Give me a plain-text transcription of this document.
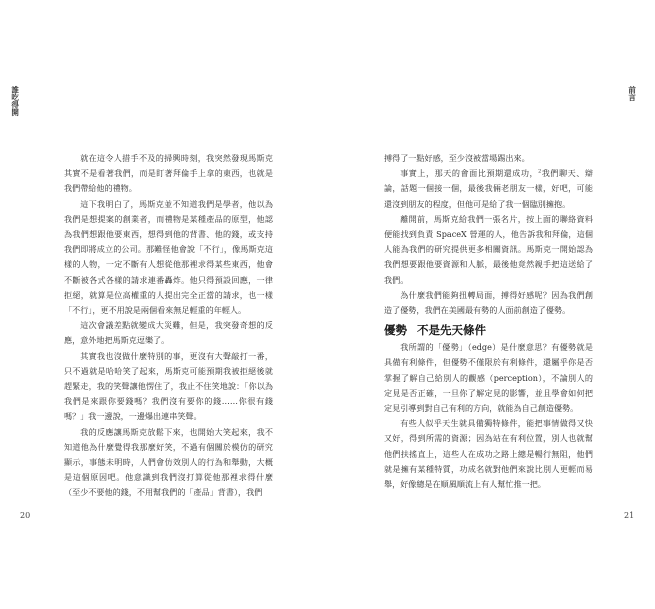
誰吃得開	前言

就在這令人措手不及的掃興時刻，我突然發現馬斯克其實不是看著我們，而是盯著拜倫手上拿的東西，也就是我們帶給他的禮物。

這下我明白了，馬斯克並不知道我們是學者，他以為我們是想提案的創業者，而禮物是某種產品的原型，他認為我們想跟他要東西，想得到他的背書、他的錢，或支持我們即將成立的公司。那難怪他會說「不行」，像馬斯克這樣的人物，一定不斷有人想從他那裡求得某些東西，他會不斷被各式各樣的請求連番轟炸。他只得預設回應，一律拒絕，就算是位高權重的人提出完全正當的請求，也一樣「不行」，更不用說是兩個看來無足輕重的年輕人。

這次會議差點就變成大災難，但是，我突發奇想的反應，意外地把馬斯克逗樂了。

其實我也沒做什麼特別的事，更沒有大聲敲打一番，只不過就是哈哈笑了起來，馬斯克可能預期我被拒絕後就趕緊走，我的笑聲讓他愣住了，我止不住笑地說：「你以為我們是來跟你要錢嗎？我們沒有要你的錢……你很有錢嗎？」我一邊說，一邊爆出連串笑聲。

我的反應讓馬斯克放鬆下來，也開始大笑起來，我不知道他為什麼覺得我那麼好笑，不過有個關於模仿的研究顯示，事態未明時，人們會仿效別人的行為和舉動，大概是這個原因吧。他意識到我們沒打算從他那裡求得什麼（至少不要他的錢，不用幫我們的「產品」背書），我們

搏得了一點好感，至少沒被當場踢出來。

事實上，那天的會面比預期還成功，$^2$我們聊天、辯論，話題一個接一個，最後我倆老朋友一樣，好吧，可能還沒到朋友的程度，但他可是給了我一個臨別擁抱。

離開前，馬斯克給我們一張名片，按上面的聯絡資料便能找到負責 SpaceX 營運的人，他告訴我和拜倫，這個人能為我們的研究提供更多相關資訊。馬斯克一開始認為我們想要跟他要資源和人脈，最後他竟然親手把這送給了我們。

為什麼我們能夠扭轉局面，搏得好感呢？因為我們創造了優勢，我們在美國最有勢的人面前創造了優勢。

優勢 不是先天條件

我所謂的「優勢」（edge）是什麼意思？有優勢就是具備有利條件，但優勢不僅限於有利條件，還屬乎你是否掌握了解自己給別人的觀感（perception），不論別人的定見是否正確，一旦你了解定見的影響，並且學會如何把定見引導到對自己有利的方向，就能為自己創造優勢。

有些人似乎天生就具備獨特條件，能把事情做得又快又好，得到所需的資源；因為站在有利位置，別人也就幫他們扶搖直上，這些人在成功之路上總是暢行無阻，他們就是擁有某種特質，功成名就對他們來說比別人更輕而易舉，好像總是在順風順流上有人幫忙推一把。

20	21
